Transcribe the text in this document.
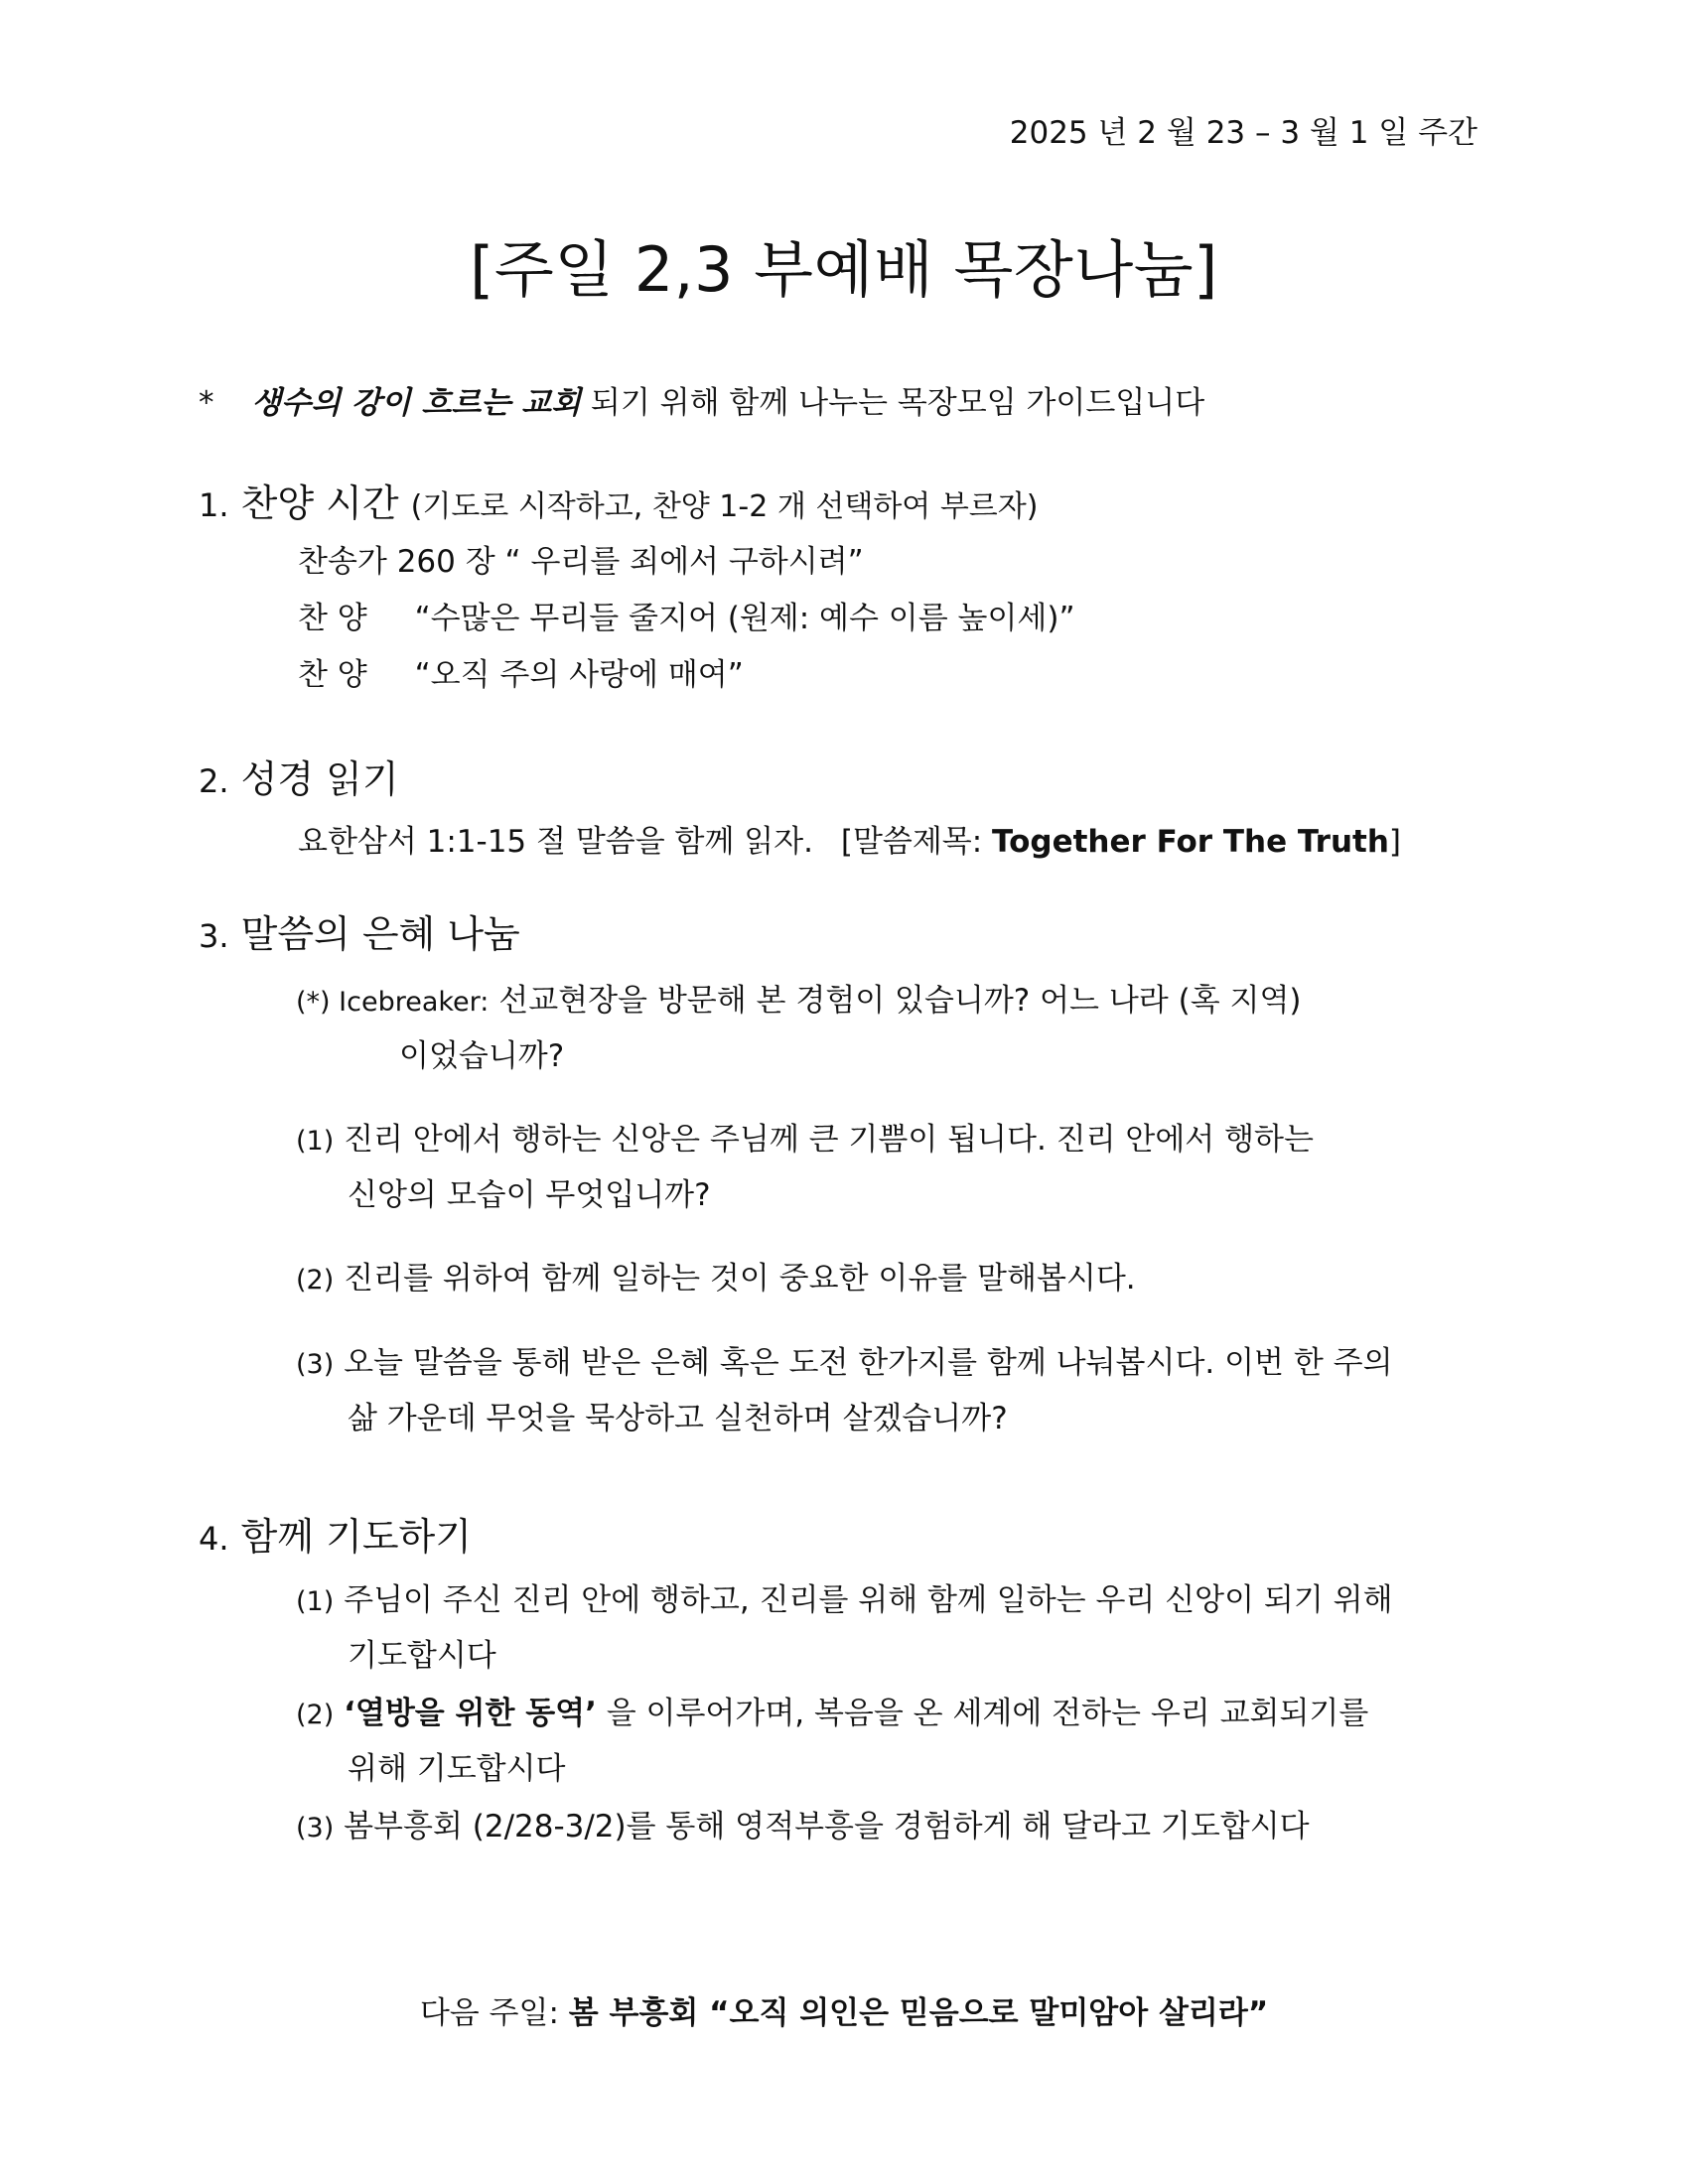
2025 년 2 월 23 – 3 월 1 일 주간
[주일 2,3 부예배 목장나눔]
* 생수의 강이 흐르는 교회 되기 위해 함께 나누는 목장모임 가이드입니다
1. 찬양 시간 (기도로 시작하고, 찬양 1-2 개 선택하여 부르자)
찬송가 260 장 “ 우리를 죄에서 구하시려”
찬 양 “수많은 무리들 줄지어 (원제: 예수 이름 높이세)”
찬 양 “오직 주의 사랑에 매여”
2. 성경 읽기
요한삼서 1:1-15 절 말씀을 함께 읽자. [말씀제목: Together For The Truth]
3. 말씀의 은혜 나눔
(*) Icebreaker: 선교현장을 방문해 본 경험이 있습니까? 어느 나라 (혹 지역)
이었습니까?
(1) 진리 안에서 행하는 신앙은 주님께 큰 기쁨이 됩니다. 진리 안에서 행하는
신앙의 모습이 무엇입니까?
(2) 진리를 위하여 함께 일하는 것이 중요한 이유를 말해봅시다.
(3) 오늘 말씀을 통해 받은 은혜 혹은 도전 한가지를 함께 나눠봅시다. 이번 한 주의
삶 가운데 무엇을 묵상하고 실천하며 살겠습니까?
4. 함께 기도하기
(1) 주님이 주신 진리 안에 행하고, 진리를 위해 함께 일하는 우리 신앙이 되기 위해
기도합시다
(2) ‘열방을 위한 동역’ 을 이루어가며, 복음을 온 세계에 전하는 우리 교회되기를
위해 기도합시다
(3) 봄부흥회 (2/28-3/2)를 통해 영적부흥을 경험하게 해 달라고 기도합시다
다음 주일: 봄 부흥회 “오직 의인은 믿음으로 말미암아 살리라”
